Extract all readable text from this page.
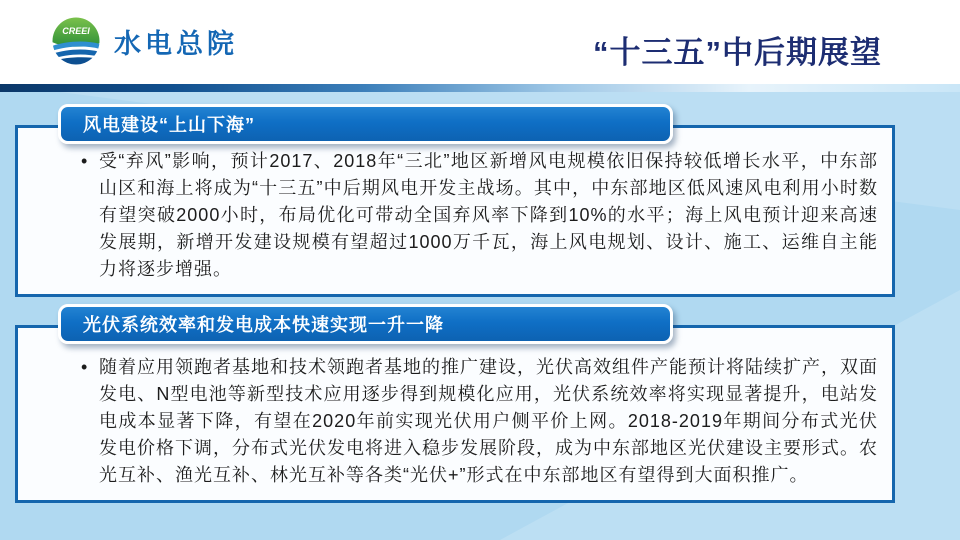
CREEI 水电总院	“十三五”中后期展望
• 受“弃风”影响，预计2017、2018年“三北”地区新增风电规模依旧保持较低增长水平，中东部山区和海上将成为“十三五”中后期风电开发主战场。其中，中东部地区低风速风电利用小时数有望突破2000小时，布局优化可带动全国弃风率下降到10%的水平；海上风电预计迎来高速发展期，新增开发建设规模有望超过1000万千瓦，海上风电规划、设计、施工、运维自主能力将逐步增强。

风电建设“上山下海”
• 随着应用领跑者基地和技术领跑者基地的推广建设，光伏高效组件产能预计将陆续扩产，双面发电、N型电池等新型技术应用逐步得到规模化应用，光伏系统效率将实现显著提升，电站发电成本显著下降，有望在2020年前实现光伏用户侧平价上网。2018-2019年期间分布式光伏发电价格下调，分布式光伏发电将进入稳步发展阶段，成为中东部地区光伏建设主要形式。农光互补、渔光互补、林光互补等各类“光伏+”形式在中东部地区有望得到大面积推广。

光伏系统效率和发电成本快速实现一升一降
